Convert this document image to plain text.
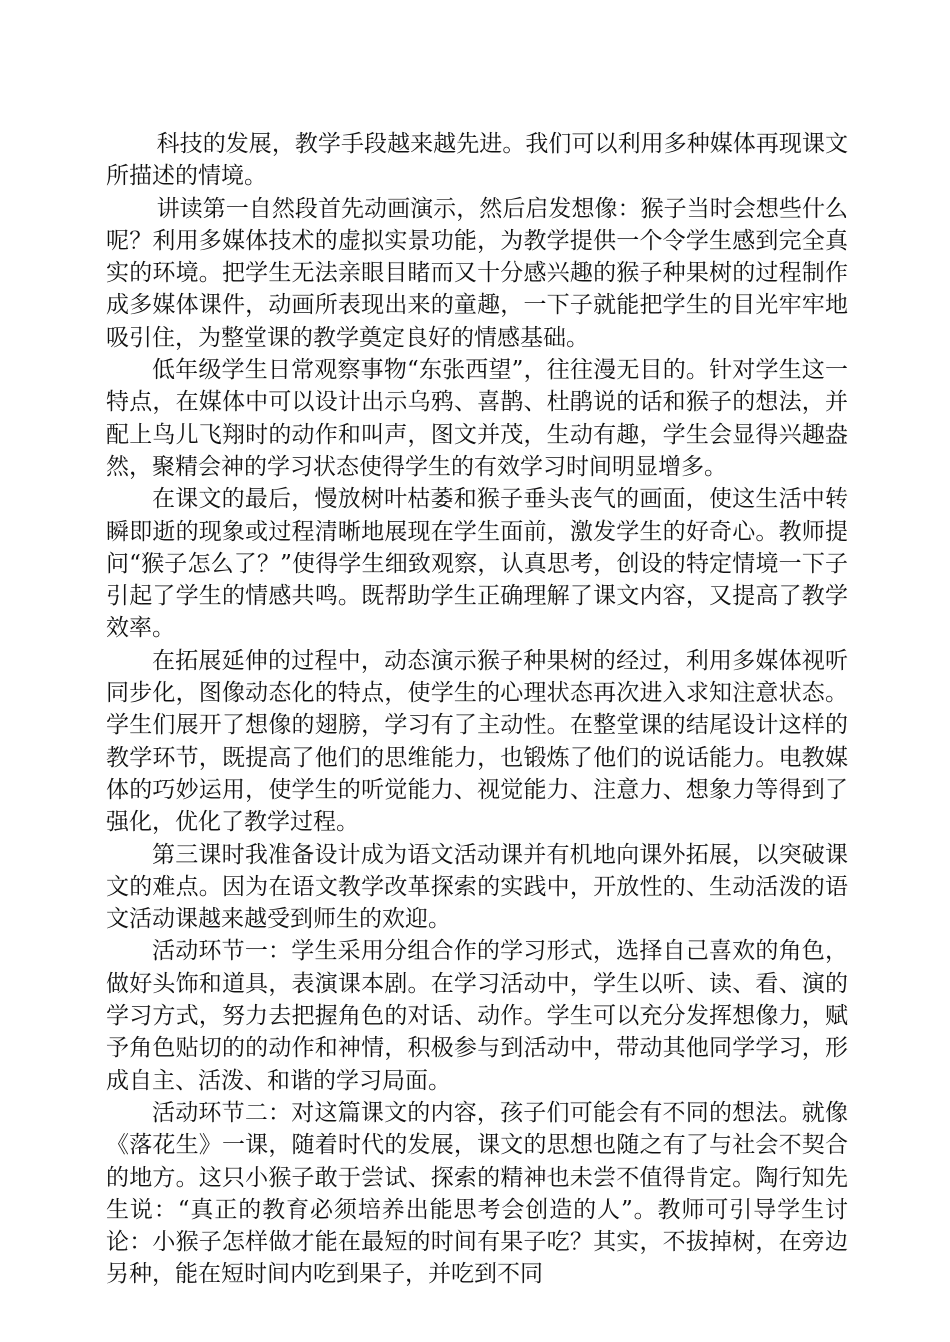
科技的发展，教学手段越来越先进。我们可以利用多种媒体再现课文所描述的情境。

讲读第一自然段首先动画演示，然后启发想像：猴子当时会想些什么呢？利用多媒体技术的虚拟实景功能，为教学提供一个令学生感到完全真实的环境。把学生无法亲眼目睹而又十分感兴趣的猴子种果树的过程制作成多媒体课件，动画所表现出来的童趣，一下子就能把学生的目光牢牢地吸引住，为整堂课的教学奠定良好的情感基础。

低年级学生日常观察事物“东张西望”，往往漫无目的。针对学生这一特点，在媒体中可以设计出示乌鸦、喜鹊、杜鹃说的话和猴子的想法，并配上鸟儿飞翔时的动作和叫声，图文并茂，生动有趣，学生会显得兴趣盎然，聚精会神的学习状态使得学生的有效学习时间明显增多。

在课文的最后，慢放树叶枯萎和猴子垂头丧气的画面，使这生活中转瞬即逝的现象或过程清晰地展现在学生面前，激发学生的好奇心。教师提问“猴子怎么了？”使得学生细致观察，认真思考，创设的特定情境一下子引起了学生的情感共鸣。既帮助学生正确理解了课文内容，又提高了教学效率。

在拓展延伸的过程中，动态演示猴子种果树的经过，利用多媒体视听同步化，图像动态化的特点，使学生的心理状态再次进入求知注意状态。学生们展开了想像的翅膀，学习有了主动性。在整堂课的结尾设计这样的教学环节，既提高了他们的思维能力，也锻炼了他们的说话能力。电教媒体的巧妙运用，使学生的听觉能力、视觉能力、注意力、想象力等得到了强化，优化了教学过程。

第三课时我准备设计成为语文活动课并有机地向课外拓展，以突破课文的难点。因为在语文教学改革探索的实践中，开放性的、生动活泼的语文活动课越来越受到师生的欢迎。

活动环节一：学生采用分组合作的学习形式，选择自己喜欢的角色，做好头饰和道具，表演课本剧。在学习活动中，学生以听、读、看、演的学习方式，努力去把握角色的对话、动作。学生可以充分发挥想像力，赋予角色贴切的的动作和神情，积极参与到活动中，带动其他同学学习，形成自主、活泼、和谐的学习局面。

活动环节二：对这篇课文的内容，孩子们可能会有不同的想法。就像《落花生》一课，随着时代的发展，课文的思想也随之有了与社会不契合的地方。这只小猴子敢于尝试、探索的精神也未尝不值得肯定。陶行知先生说：“真正的教育必须培养出能思考会创造的人”。教师可引导学生讨论：小猴子怎样做才能在最短的时间有果子吃？其实，不拔掉树，在旁边另种，能在短时间内吃到果子，并吃到不同
